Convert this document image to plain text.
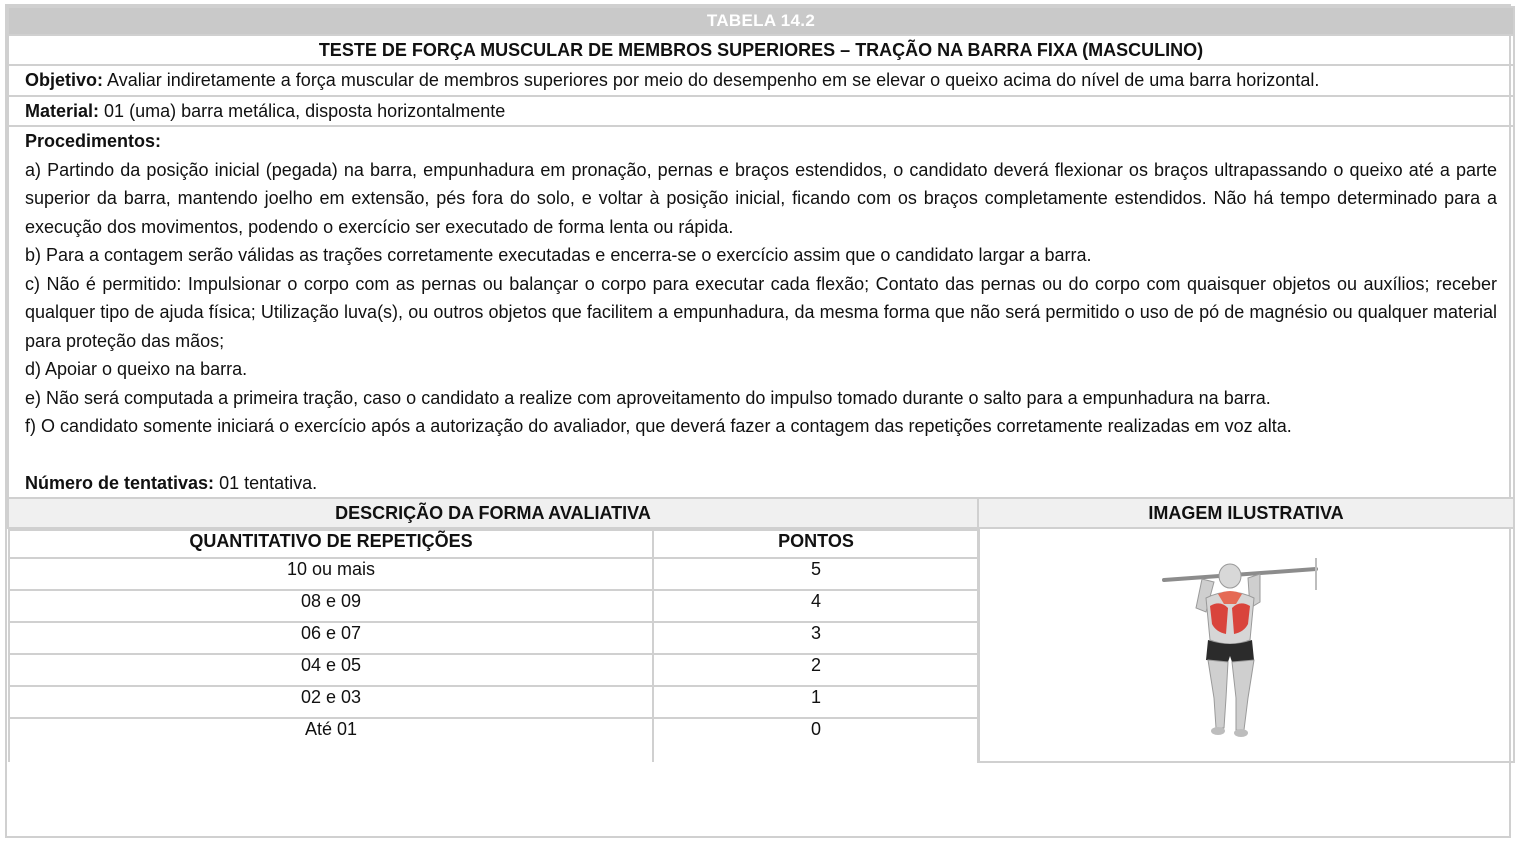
TABELA 14.2
TESTE DE FORÇA MUSCULAR DE MEMBROS SUPERIORES – TRAÇÃO NA BARRA FIXA (MASCULINO)
Objetivo: Avaliar indiretamente a força muscular de membros superiores por meio do desempenho em se elevar o queixo acima do nível de uma barra horizontal.
Material: 01 (uma) barra metálica, disposta horizontalmente

Procedimentos:

a) Partindo da posição inicial (pegada) na barra, empunhadura em pronação, pernas e braços estendidos, o candidato deverá flexionar os braços ultrapassando o queixo até a parte superior da barra, mantendo joelho em extensão, pés fora do solo, e voltar à posição inicial, ficando com os braços completamente estendidos. Não há tempo determinado para a execução dos movimentos, podendo o exercício ser executado de forma lenta ou rápida.

b) Para a contagem serão válidas as trações corretamente executadas e encerra-se o exercício assim que o candidato largar a barra.

c) Não é permitido: Impulsionar o corpo com as pernas ou balançar o corpo para executar cada flexão; Contato das pernas ou do corpo com quaisquer objetos ou auxílios; receber qualquer tipo de ajuda física; Utilização luva(s), ou outros objetos que facilitem a empunhadura, da mesma forma que não será permitido o uso de pó de magnésio ou qualquer material para proteção das mãos;

d) Apoiar o queixo na barra.

e) Não será computada a primeira tração, caso o candidato a realize com aproveitamento do impulso tomado durante o salto para a empunhadura na barra.

f) O candidato somente iniciará o exercício após a autorização do avaliador, que deverá fazer a contagem das repetições corretamente realizadas em voz alta.

Número de tentativas: 01 tentativa.

DESCRIÇÃO DA FORMA AVALIATIVA	IMAGEM ILUSTRATIVA

QUANTITATIVO DE REPETIÇÕES	PONTOS
10 ou mais	5
08 e 09	4
06 e 07	3
04 e 05	2
02 e 03	1
Até 01	0
